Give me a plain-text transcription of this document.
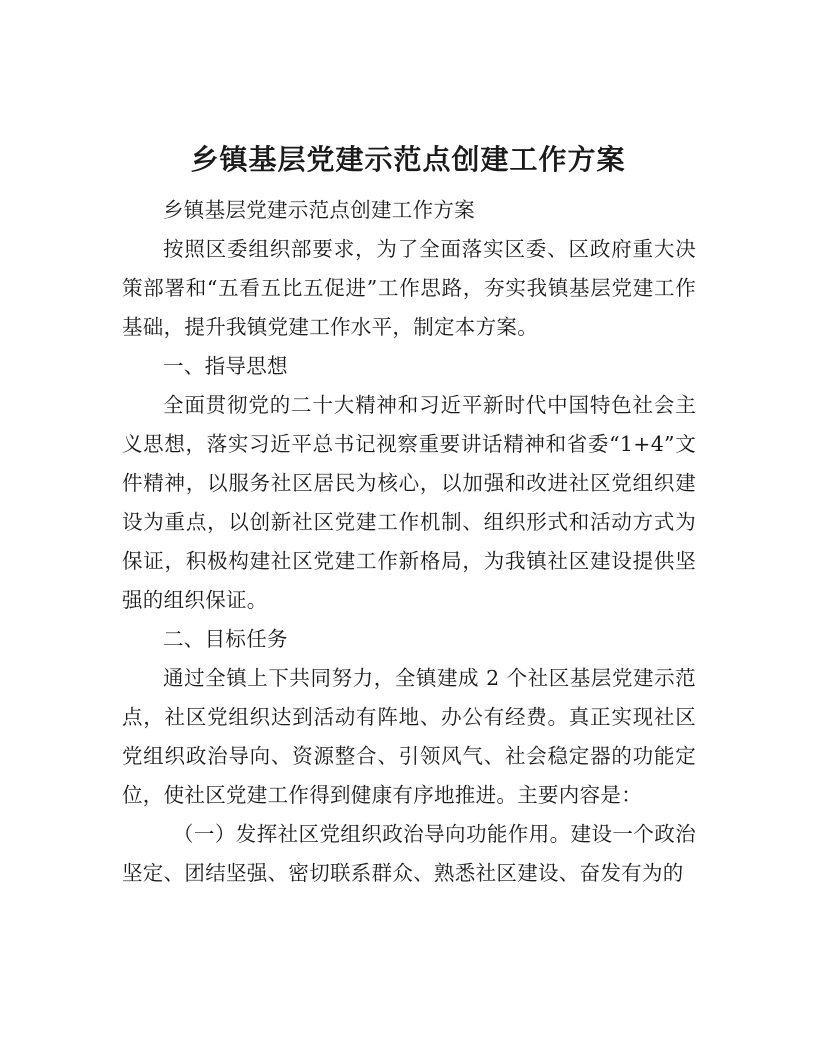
乡镇基层党建示范点创建工作方案

乡镇基层党建示范点创建工作方案

按照区委组织部要求，为了全面落实区委、区政府重大决策部署和“五看五比五促进”工作思路，夯实我镇基层党建工作基础，提升我镇党建工作水平，制定本方案。

一、指导思想

全面贯彻党的二十大精神和习近平新时代中国特色社会主义思想，落实习近平总书记视察重要讲话精神和省委“1+4”文件精神，以服务社区居民为核心，以加强和改进社区党组织建设为重点，以创新社区党建工作机制、组织形式和活动方式为保证，积极构建社区党建工作新格局，为我镇社区建设提供坚强的组织保证。

二、目标任务

通过全镇上下共同努力，全镇建成 2 个社区基层党建示范点，社区党组织达到活动有阵地、办公有经费。真正实现社区党组织政治导向、资源整合、引领风气、社会稳定器的功能定位，使社区党建工作得到健康有序地推进。主要内容是：

（一）发挥社区党组织政治导向功能作用。建设一个政治坚定、团结坚强、密切联系群众、熟悉社区建设、奋发有为的
